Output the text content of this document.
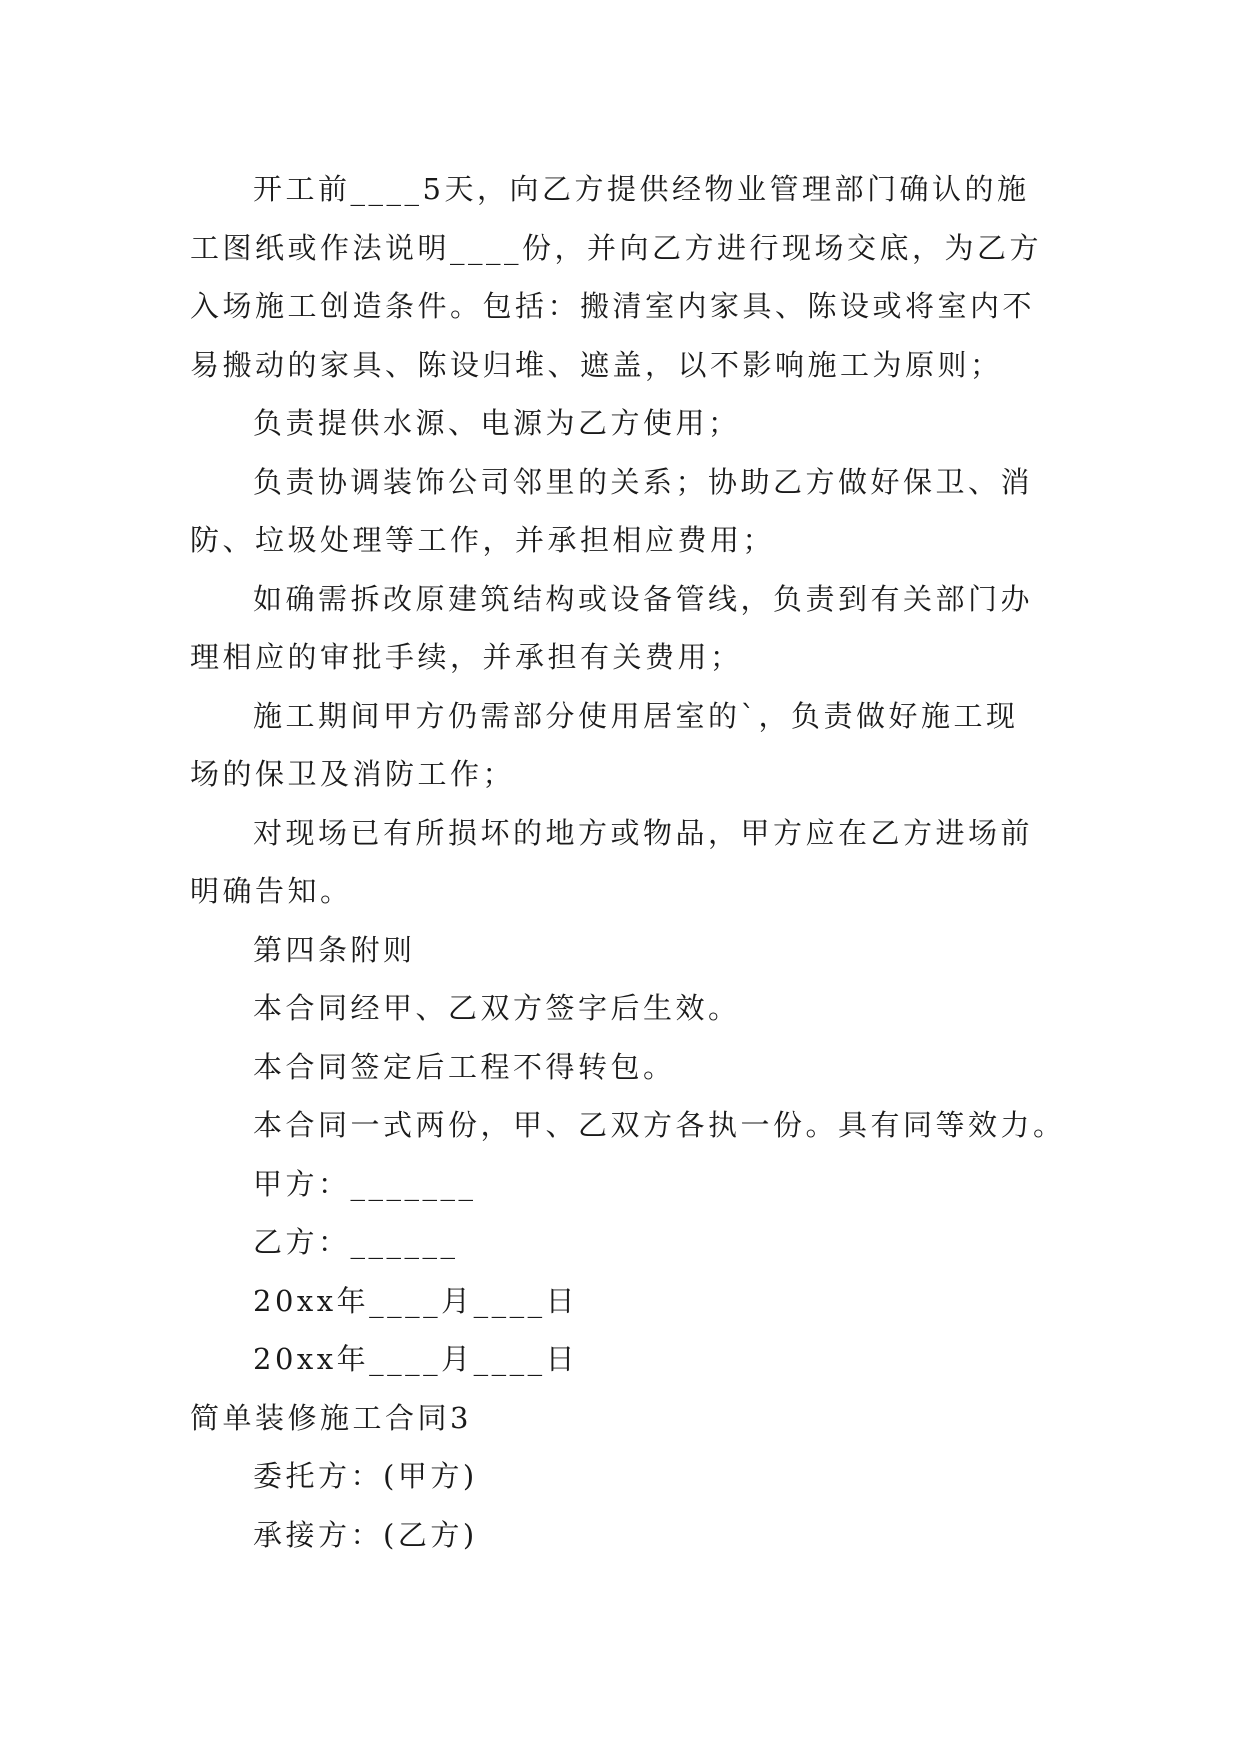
开工前____5天，向乙方提供经物业管理部门确认的施
工图纸或作法说明____份，并向乙方进行现场交底，为乙方
入场施工创造条件。包括：搬清室内家具、陈设或将室内不
易搬动的家具、陈设归堆、遮盖，以不影响施工为原则；
负责提供水源、电源为乙方使用；
负责协调装饰公司邻里的关系；协助乙方做好保卫、消
防、垃圾处理等工作，并承担相应费用；
如确需拆改原建筑结构或设备管线，负责到有关部门办
理相应的审批手续，并承担有关费用；
施工期间甲方仍需部分使用居室的`，负责做好施工现
场的保卫及消防工作；
对现场已有所损坏的地方或物品，甲方应在乙方进场前
明确告知。
第四条附则
本合同经甲、乙双方签字后生效。
本合同签定后工程不得转包。
本合同一式两份，甲、乙双方各执一份。具有同等效力。
甲方：_______
乙方：______
20xx年____月____日
20xx年____月____日
简单装修施工合同3
委托方：(甲方)
承接方：(乙方)
